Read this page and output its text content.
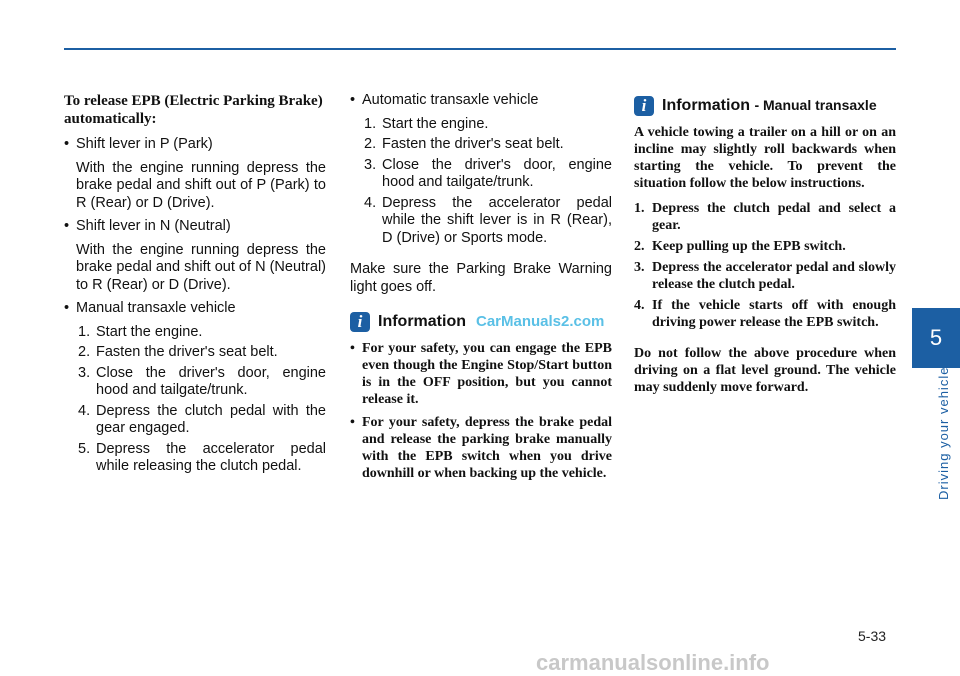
To release EPB (Electric Parking Brake) automatically:
• Shift lever in P (Park)
With the engine running depress the brake pedal and shift out of P (Park) to R (Rear) or D (Drive).
• Shift lever in N (Neutral)
With the engine running depress the brake pedal and shift out of N (Neutral) to R (Rear) or D (Drive).
• Manual transaxle vehicle
1. Start the engine.
2. Fasten the driver's seat belt.
3. Close the driver's door, engine hood and tailgate/trunk.
4. Depress the clutch pedal with the gear engaged.
5. Depress the accelerator pedal while releasing the clutch pedal.
• Automatic transaxle vehicle
1. Start the engine.
2. Fasten the driver's seat belt.
3. Close the driver's door, engine hood and tailgate/trunk.
4. Depress the accelerator pedal while the shift lever is in R (Rear), D (Drive) or Sports mode.
Make sure the Parking Brake Warning light goes off.
i Information CarManuals2.com
• For your safety, you can engage the EPB even though the Engine Stop/Start button is in the OFF position, but you cannot release it.
• For your safety, depress the brake pedal and release the parking brake manually with the EPB switch when you drive downhill or when backing up the vehicle.
i Information - Manual transaxle
A vehicle towing a trailer on a hill or on an incline may slightly roll backwards when starting the vehicle. To prevent the situation follow the below instructions.
1. Depress the clutch pedal and select a gear.
2. Keep pulling up the EPB switch.
3. Depress the accelerator pedal and slowly release the clutch pedal.
4. If the vehicle starts off with enough driving power release the EPB switch.
Do not follow the above procedure when driving on a flat level ground. The vehicle may suddenly move forward.
5
Driving your vehicle
5-33
carmanualsonline.info
